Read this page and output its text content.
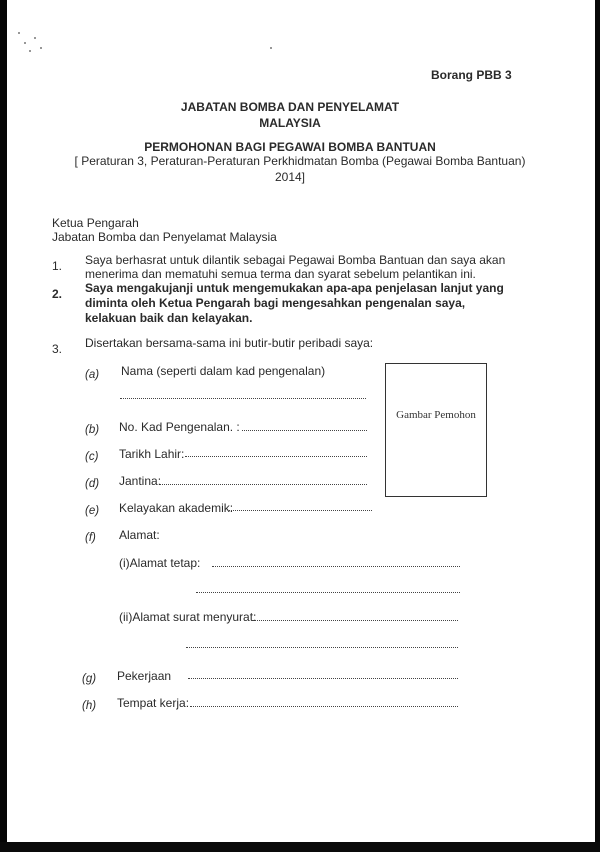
Borang PBB 3
JABATAN BOMBA DAN PENYELAMAT
MALAYSIA
PERMOHONAN BAGI PEGAWAI BOMBA BANTUAN
[ Peraturan 3, Peraturan-Peraturan Perkhidmatan Bomba (Pegawai Bomba Bantuan)
2014]
Ketua Pengarah
Jabatan Bomba dan Penyelamat Malaysia
1. Saya berhasrat untuk dilantik sebagai Pegawai Bomba Bantuan dan saya akan
menerima dan mematuhi semua terma dan syarat sebelum pelantikan ini.
2. Saya mengakujanji untuk mengemukakan apa-apa penjelasan lanjut yang
diminta oleh Ketua Pengarah bagi mengesahkan pengenalan saya,
kelakuan baik dan kelayakan.
3. Disertakan bersama-sama ini butir-butir peribadi saya:
Gambar Pemohon
(a) Nama (seperti dalam kad pengenalan)
(b) No. Kad Pengenalan. :
(c) Tarikh Lahir:
(d) Jantina:
(e) Kelayakan akademik:
(f) Alamat:
(i)Alamat tetap:
(ii)Alamat surat menyurat:
(g) Pekerjaan
(h) Tempat kerja:
